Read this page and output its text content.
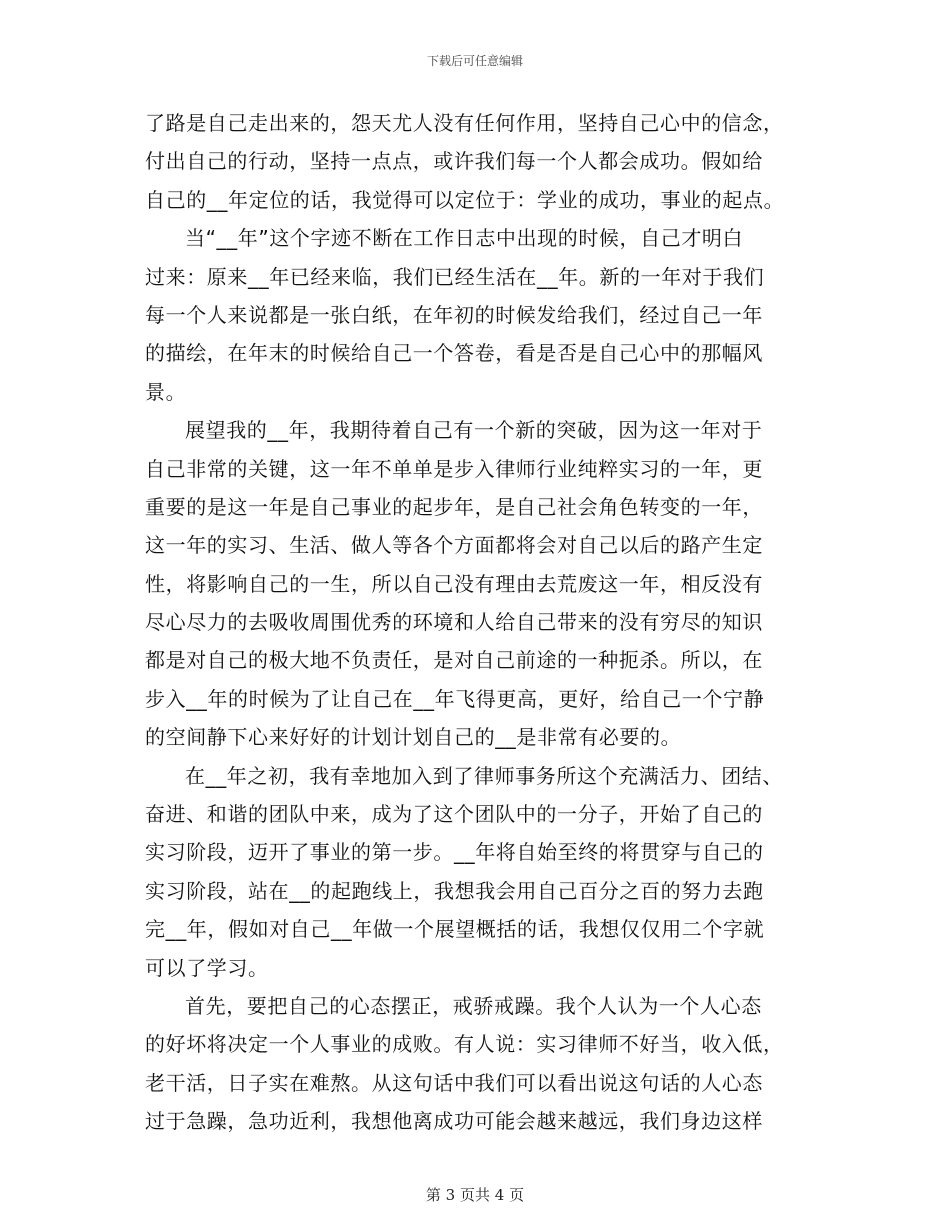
下载后可任意编辑
了路是自己走出来的，怨天尤人没有任何作用，坚持自己心中的信念，
付出自己的行动，坚持一点点，或许我们每一个人都会成功。假如给
自己的__年定位的话，我觉得可以定位于：学业的成功，事业的起点。
当“__年”这个字迹不断在工作日志中出现的时候，自己才明白
过来：原来__年已经来临，我们已经生活在__年。新的一年对于我们
每一个人来说都是一张白纸，在年初的时候发给我们，经过自己一年
的描绘，在年末的时候给自己一个答卷，看是否是自己心中的那幅风
景。
展望我的__年，我期待着自己有一个新的突破，因为这一年对于
自己非常的关键，这一年不单单是步入律师行业纯粹实习的一年，更
重要的是这一年是自己事业的起步年，是自己社会角色转变的一年，
这一年的实习、生活、做人等各个方面都将会对自己以后的路产生定
性，将影响自己的一生，所以自己没有理由去荒废这一年，相反没有
尽心尽力的去吸收周围优秀的环境和人给自己带来的没有穷尽的知识
都是对自己的极大地不负责任，是对自己前途的一种扼杀。所以，在
步入__年的时候为了让自己在__年飞得更高，更好，给自己一个宁静
的空间静下心来好好的计划计划自己的__是非常有必要的。
在__年之初，我有幸地加入到了律师事务所这个充满活力、团结、
奋进、和谐的团队中来，成为了这个团队中的一分子，开始了自己的
实习阶段，迈开了事业的第一步。__年将自始至终的将贯穿与自己的
实习阶段，站在__的起跑线上，我想我会用自己百分之百的努力去跑
完__年，假如对自己__年做一个展望概括的话，我想仅仅用二个字就
可以了学习。
首先，要把自己的心态摆正，戒骄戒躁。我个人认为一个人心态
的好坏将决定一个人事业的成败。有人说：实习律师不好当，收入低，
老干活，日子实在难熬。从这句话中我们可以看出说这句话的人心态
过于急躁，急功近利，我想他离成功可能会越来越远，我们身边这样
第 3 页共 4 页
